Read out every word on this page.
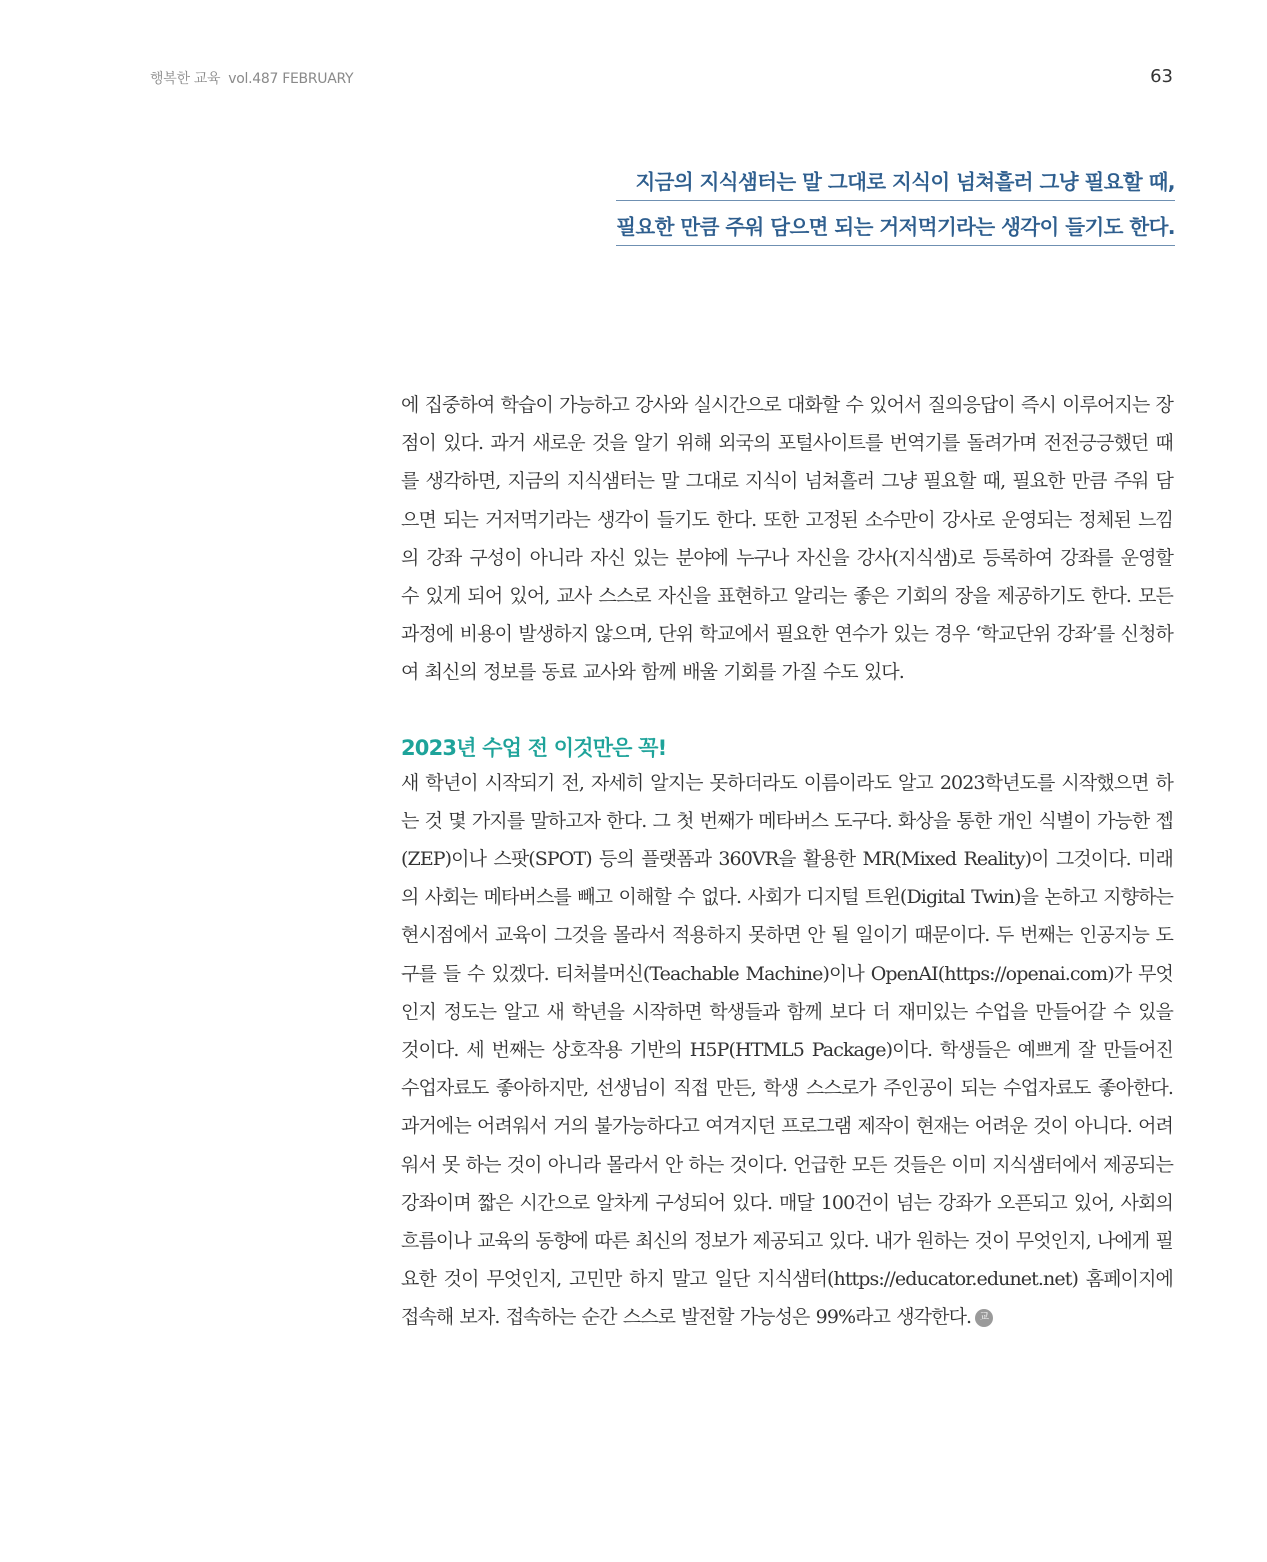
행복한 교육 vol.487 FEBRUARY	63
지금의 지식샘터는 말 그대로 지식이 넘쳐흘러 그냥 필요할 때,
필요한 만큼 주워 담으면 되는 거저먹기라는 생각이 들기도 한다.

에 집중하여 학습이 가능하고 강사와 실시간으로 대화할 수 있어서 질의응답이 즉시 이루어지는 장점이 있다. 과거 새로운 것을 알기 위해 외국의 포털사이트를 번역기를 돌려가며 전전긍긍했던 때를 생각하면, 지금의 지식샘터는 말 그대로 지식이 넘쳐흘러 그냥 필요할 때, 필요한 만큼 주워 담으면 되는 거저먹기라는 생각이 들기도 한다. 또한 고정된 소수만이 강사로 운영되는 정체된 느낌의 강좌 구성이 아니라 자신 있는 분야에 누구나 자신을 강사(지식샘)로 등록하여 강좌를 운영할 수 있게 되어 있어, 교사 스스로 자신을 표현하고 알리는 좋은 기회의 장을 제공하기도 한다. 모든 과정에 비용이 발생하지 않으며, 단위 학교에서 필요한 연수가 있는 경우 ‘학교단위 강좌’를 신청하여 최신의 정보를 동료 교사와 함께 배울 기회를 가질 수도 있다.

2023년 수업 전 이것만은 꼭!

새 학년이 시작되기 전, 자세히 알지는 못하더라도 이름이라도 알고 2023학년도를 시작했으면 하는 것 몇 가지를 말하고자 한다. 그 첫 번째가 메타버스 도구다. 화상을 통한 개인 식별이 가능한 젭(ZEP)이나 스팟(SPOT) 등의 플랫폼과 360VR을 활용한 MR(Mixed Reality)이 그것이다. 미래의 사회는 메타버스를 빼고 이해할 수 없다. 사회가 디지털 트윈(Digital Twin)을 논하고 지향하는 현시점에서 교육이 그것을 몰라서 적용하지 못하면 안 될 일이기 때문이다. 두 번째는 인공지능 도구를 들 수 있겠다. 티처블머신(Teachable Machine)이나 OpenAI(https://openai.com)가 무엇인지 정도는 알고 새 학년을 시작하면 학생들과 함께 보다 더 재미있는 수업을 만들어갈 수 있을 것이다. 세 번째는 상호작용 기반의 H5P(HTML5 Package)이다. 학생들은 예쁘게 잘 만들어진 수업자료도 좋아하지만, 선생님이 직접 만든, 학생 스스로가 주인공이 되는 수업자료도 좋아한다. 과거에는 어려워서 거의 불가능하다고 여겨지던 프로그램 제작이 현재는 어려운 것이 아니다. 어려워서 못 하는 것이 아니라 몰라서 안 하는 것이다. 언급한 모든 것들은 이미 지식샘터에서 제공되는 강좌이며 짧은 시간으로 알차게 구성되어 있다. 매달 100건이 넘는 강좌가 오픈되고 있어, 사회의 흐름이나 교육의 동향에 따른 최신의 정보가 제공되고 있다. 내가 원하는 것이 무엇인지, 나에게 필요한 것이 무엇인지, 고민만 하지 말고 일단 지식샘터(https://educator.edunet.net) 홈페이지에 접속해 보자. 접속하는 순간 스스로 발전할 가능성은 99%라고 생각한다. 교
